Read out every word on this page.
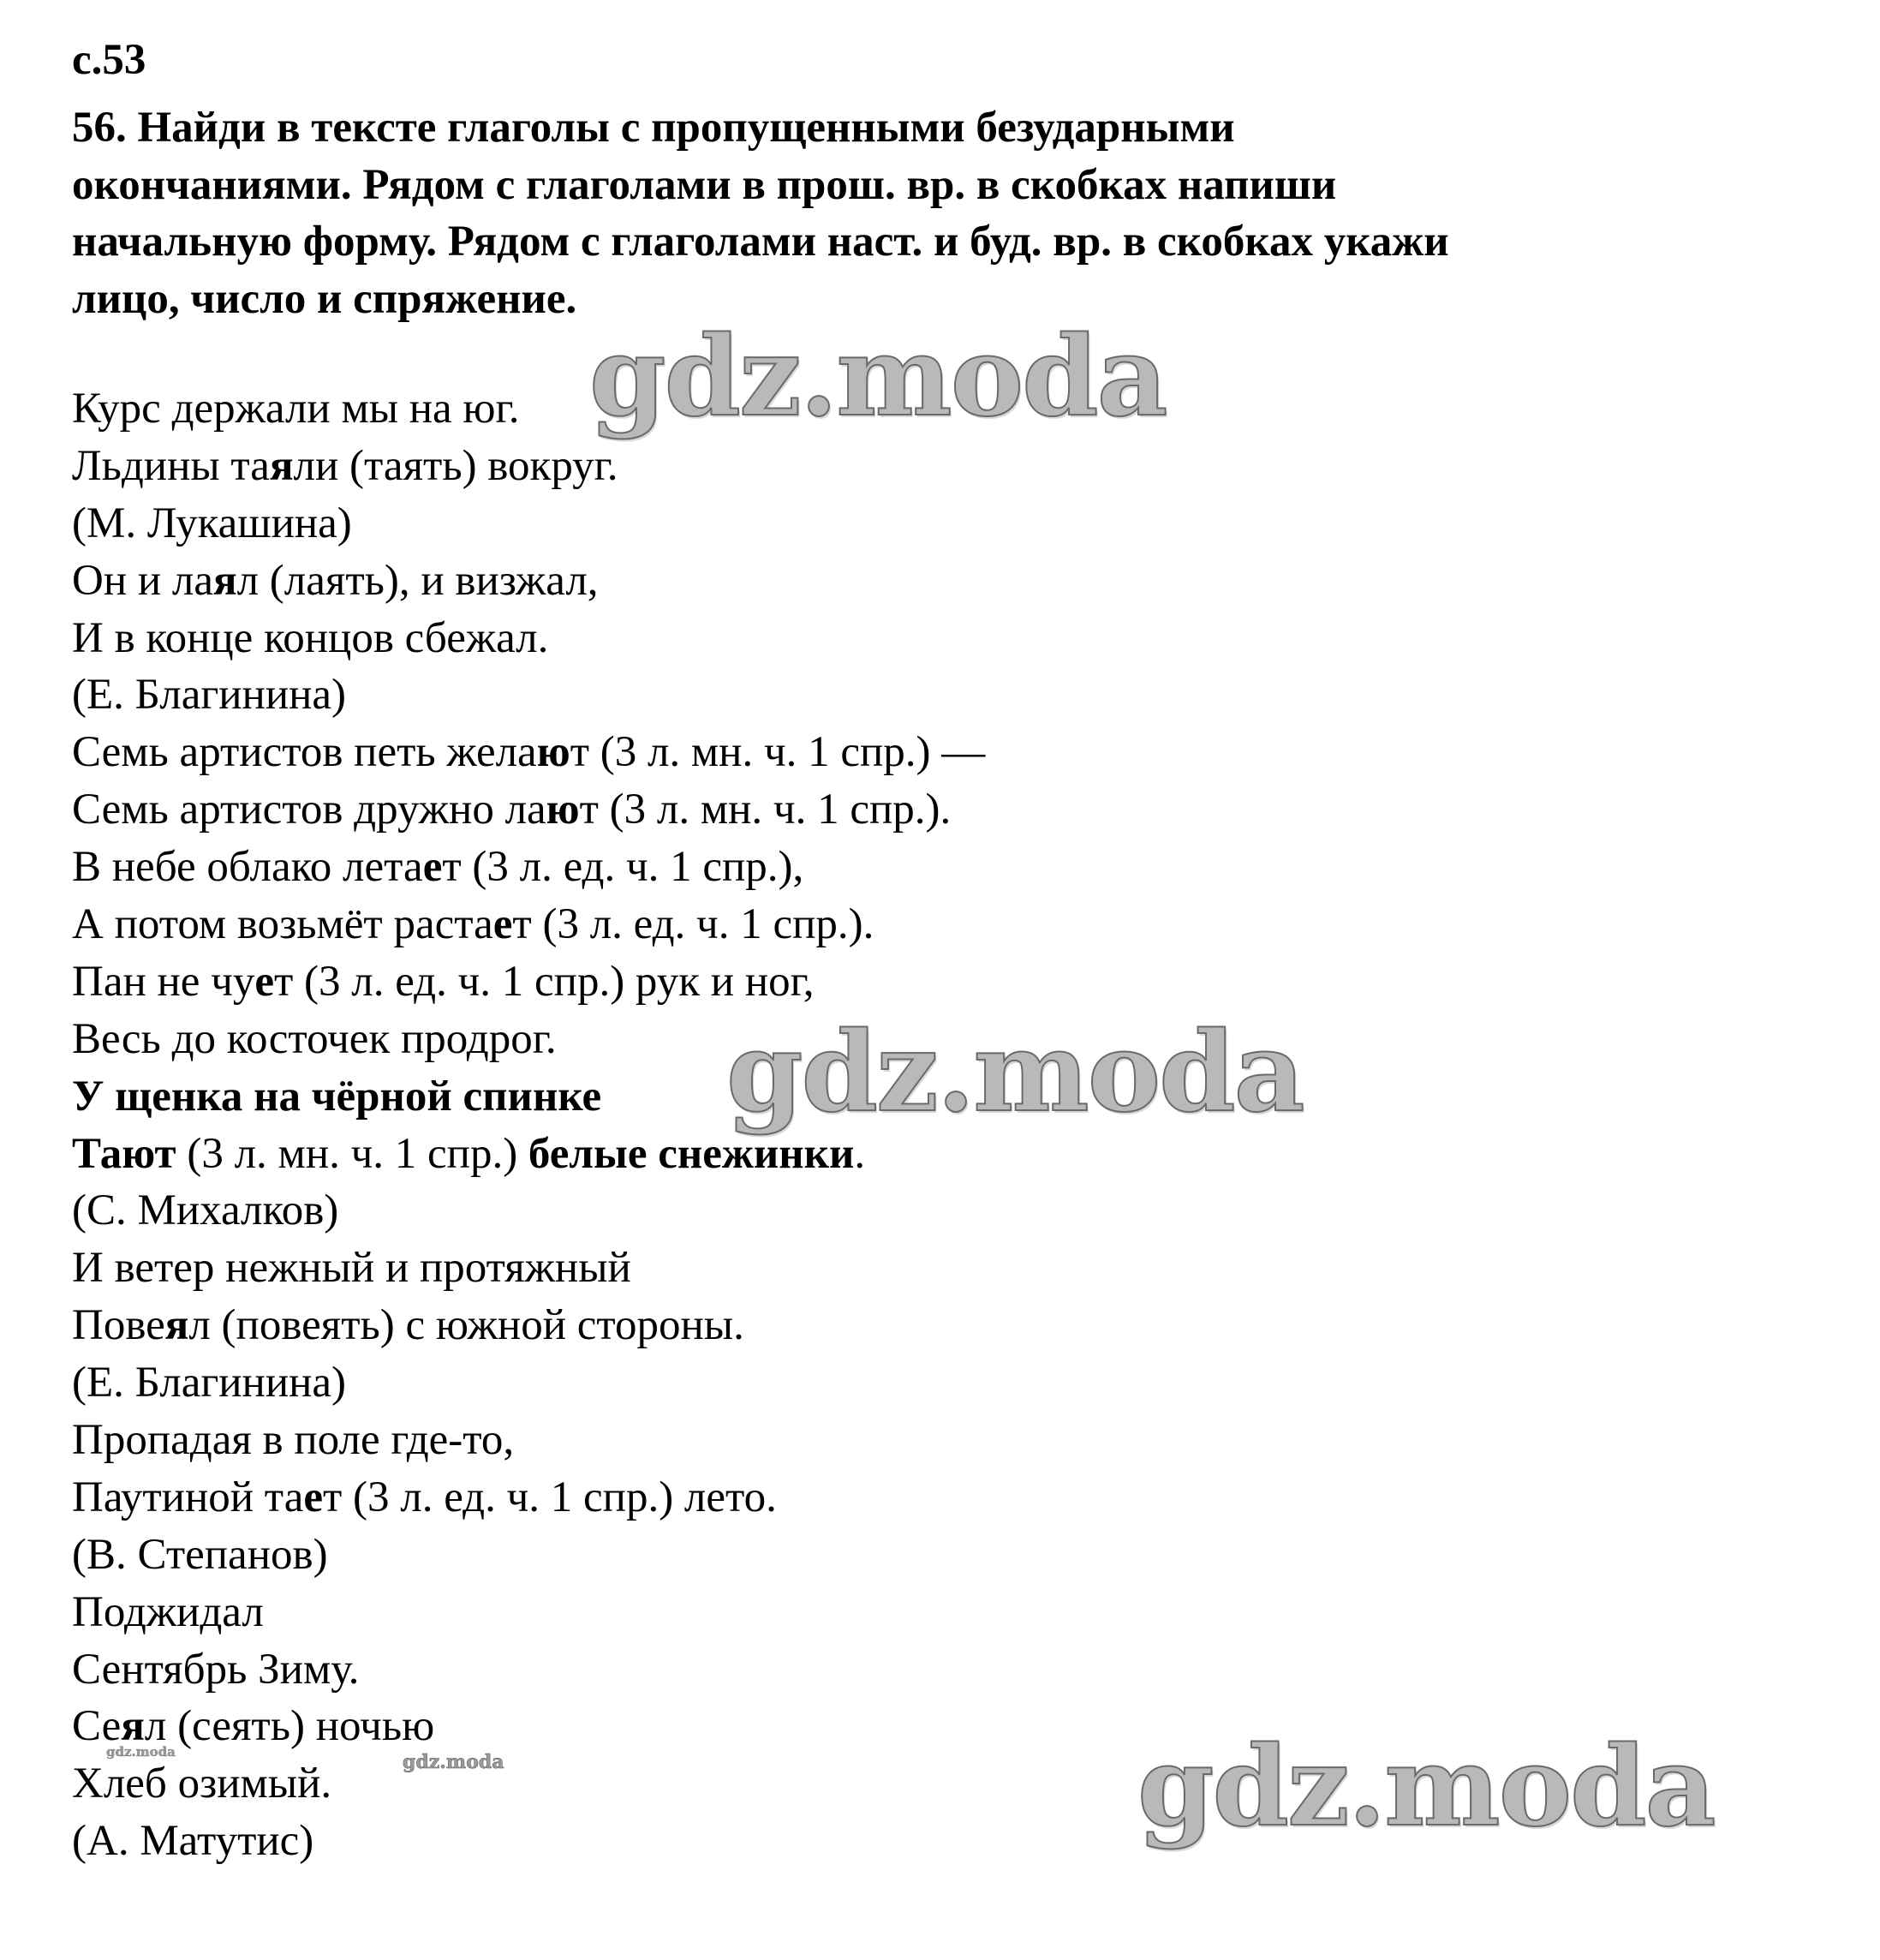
с.53
56. Найди в тексте глаголы с пропущенными безударными
окончаниями. Рядом с глаголами в прош. вр. в скобках напиши
начальную форму. Рядом с глаголами наст. и буд. вр. в скобках укажи
лицо, число и спряжение.
Курс держали мы на юг.
Льдины таяли (таять) вокруг.
(М. Лукашина)
Он и лаял (лаять), и визжал,
И в конце концов сбежал.
(Е. Благинина)
Семь артистов петь желают (3 л. мн. ч. 1 спр.) —
Семь артистов дружно лают (3 л. мн. ч. 1 спр.).
В небе облако летает (3 л. ед. ч. 1 спр.),
А потом возьмёт растает (3 л. ед. ч. 1 спр.).
Пан не чует (3 л. ед. ч. 1 спр.) рук и ног,
Весь до косточек продрог.
У щенка на чёрной спинке
Тают (3 л. мн. ч. 1 спр.) белые снежинки.
(С. Михалков)
И ветер нежный и протяжный
Повеял (повеять) с южной стороны.
(Е. Благинина)
Пропадая в поле где-то,
Паутиной тает (3 л. ед. ч. 1 спр.) лето.
(В. Степанов)
Поджидал
Сентябрь Зиму.
Сеял (сеять) ночью
Хлеб озимый.
(А. Матутис)
gdz.moda
gdz.moda
gdz.moda
gdz.moda
gdz.moda
